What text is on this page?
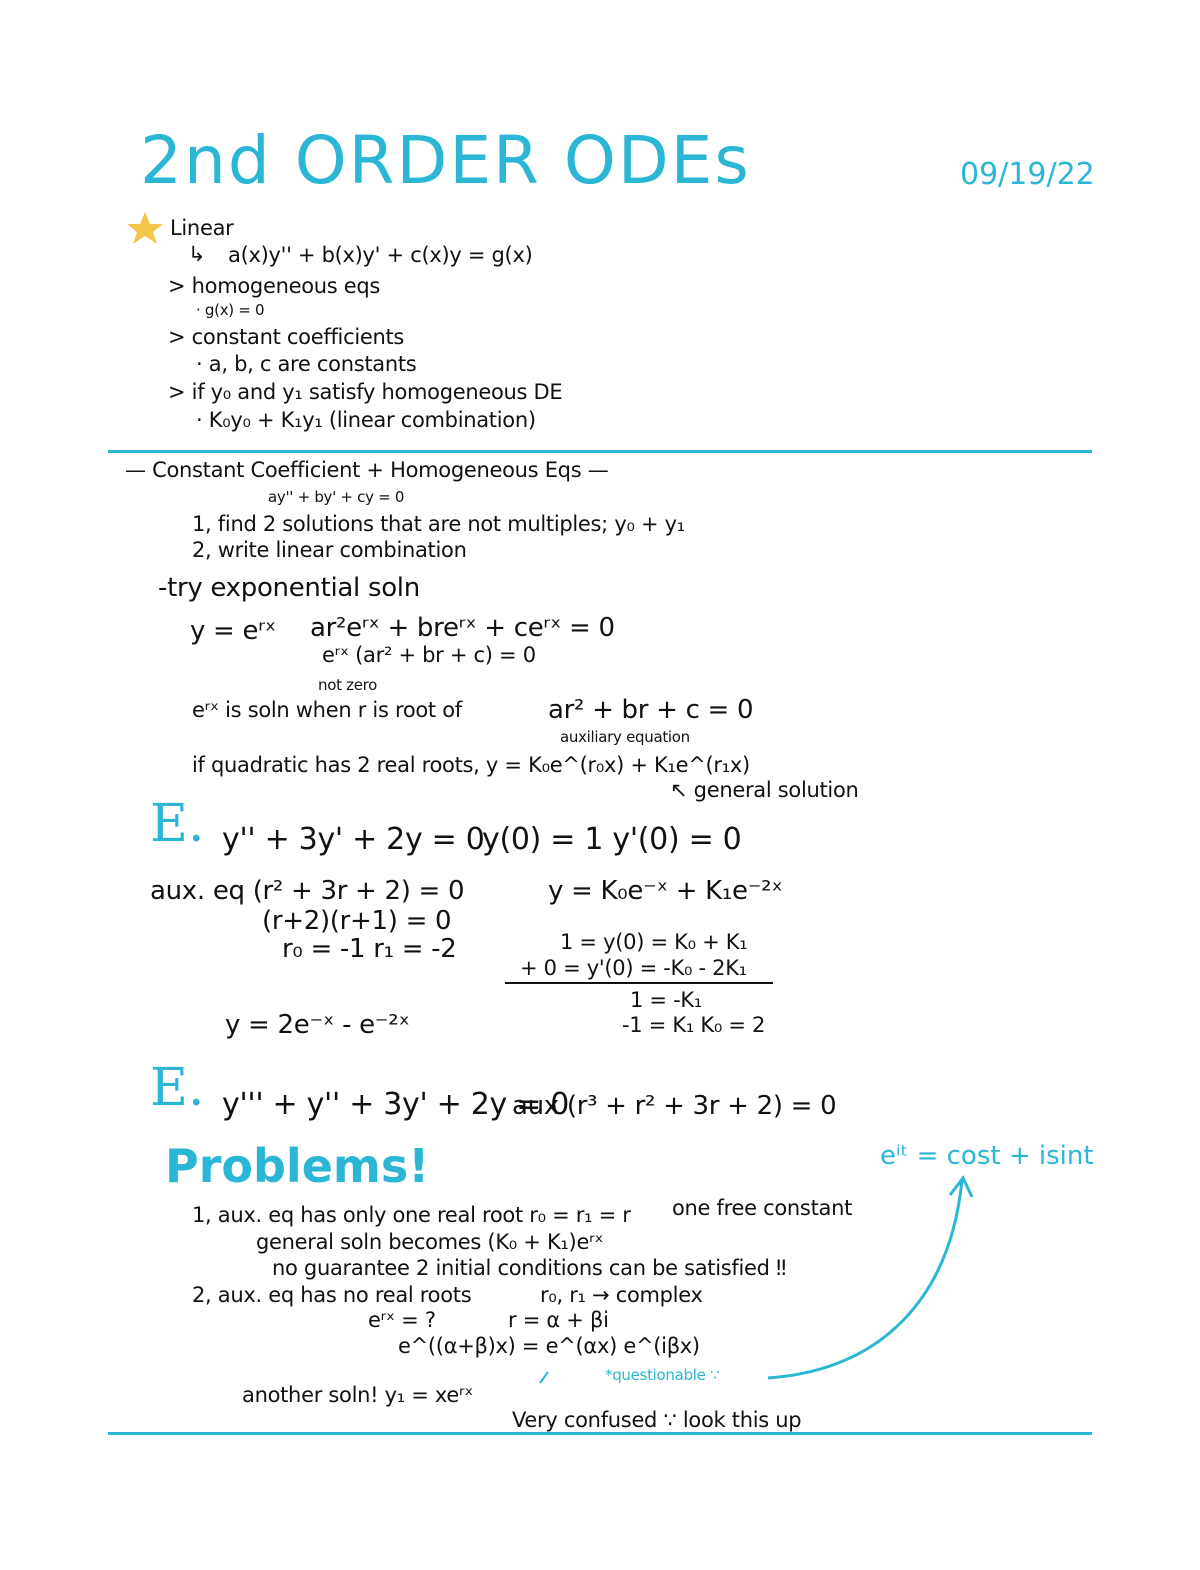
2nd ORDER ODEs	09/19/22
Linear
↳ a(x)y'' + b(x)y' + c(x)y = g(x)
> homogeneous eqs
· g(x) = 0
> constant coefficients
· a, b, c are constants
> if y₀ and y₁ satisfy homogeneous DE
· K₀y₀ + K₁y₁ (linear combination)
— Constant Coefficient + Homogeneous Eqs —
ay'' + by' + cy = 0
1, find 2 solutions that are not multiples; y₀ + y₁
2, write linear combination
-try exponential soln
y = eʳˣ ar²eʳˣ + breʳˣ + ceʳˣ = 0
eʳˣ (ar² + br + c) = 0
not zero
eʳˣ is soln when r is root of	ar² + br + c = 0
auxiliary equation
if quadratic has 2 real roots, y = K₀e^(r₀x) + K₁e^(r₁x)
↖ general solution
E. y'' + 3y' + 2y = 0
y(0) = 1 y'(0) = 0
aux. eq (r² + 3r + 2) = 0
(r+2)(r+1) = 0
r₀ = -1 r₁ = -2
y = K₀e⁻ˣ + K₁e⁻²ˣ
1 = y(0) = K₀ + K₁
+ 0 = y'(0) = -K₀ - 2K₁
1 = -K₁
-1 = K₁ K₀ = 2
y = 2e⁻ˣ - e⁻²ˣ
E. y''' + y'' + 3y' + 2y = 0
aux (r³ + r² + 3r + 2) = 0
Problems!	eⁱᵗ = cost + isint
1, aux. eq has only one real root r₀ = r₁ = r one free constant
general soln becomes (K₀ + K₁)eʳˣ
no guarantee 2 initial conditions can be satisfied ‼
2, aux. eq has no real roots	r₀, r₁ → complex
eʳˣ = ?	r = α + βi
e^((α+β)x) = e^(αx) e^(iβx)
*questionable ∵
another soln! y₁ = xeʳˣ
Very confused ∵ look this up
